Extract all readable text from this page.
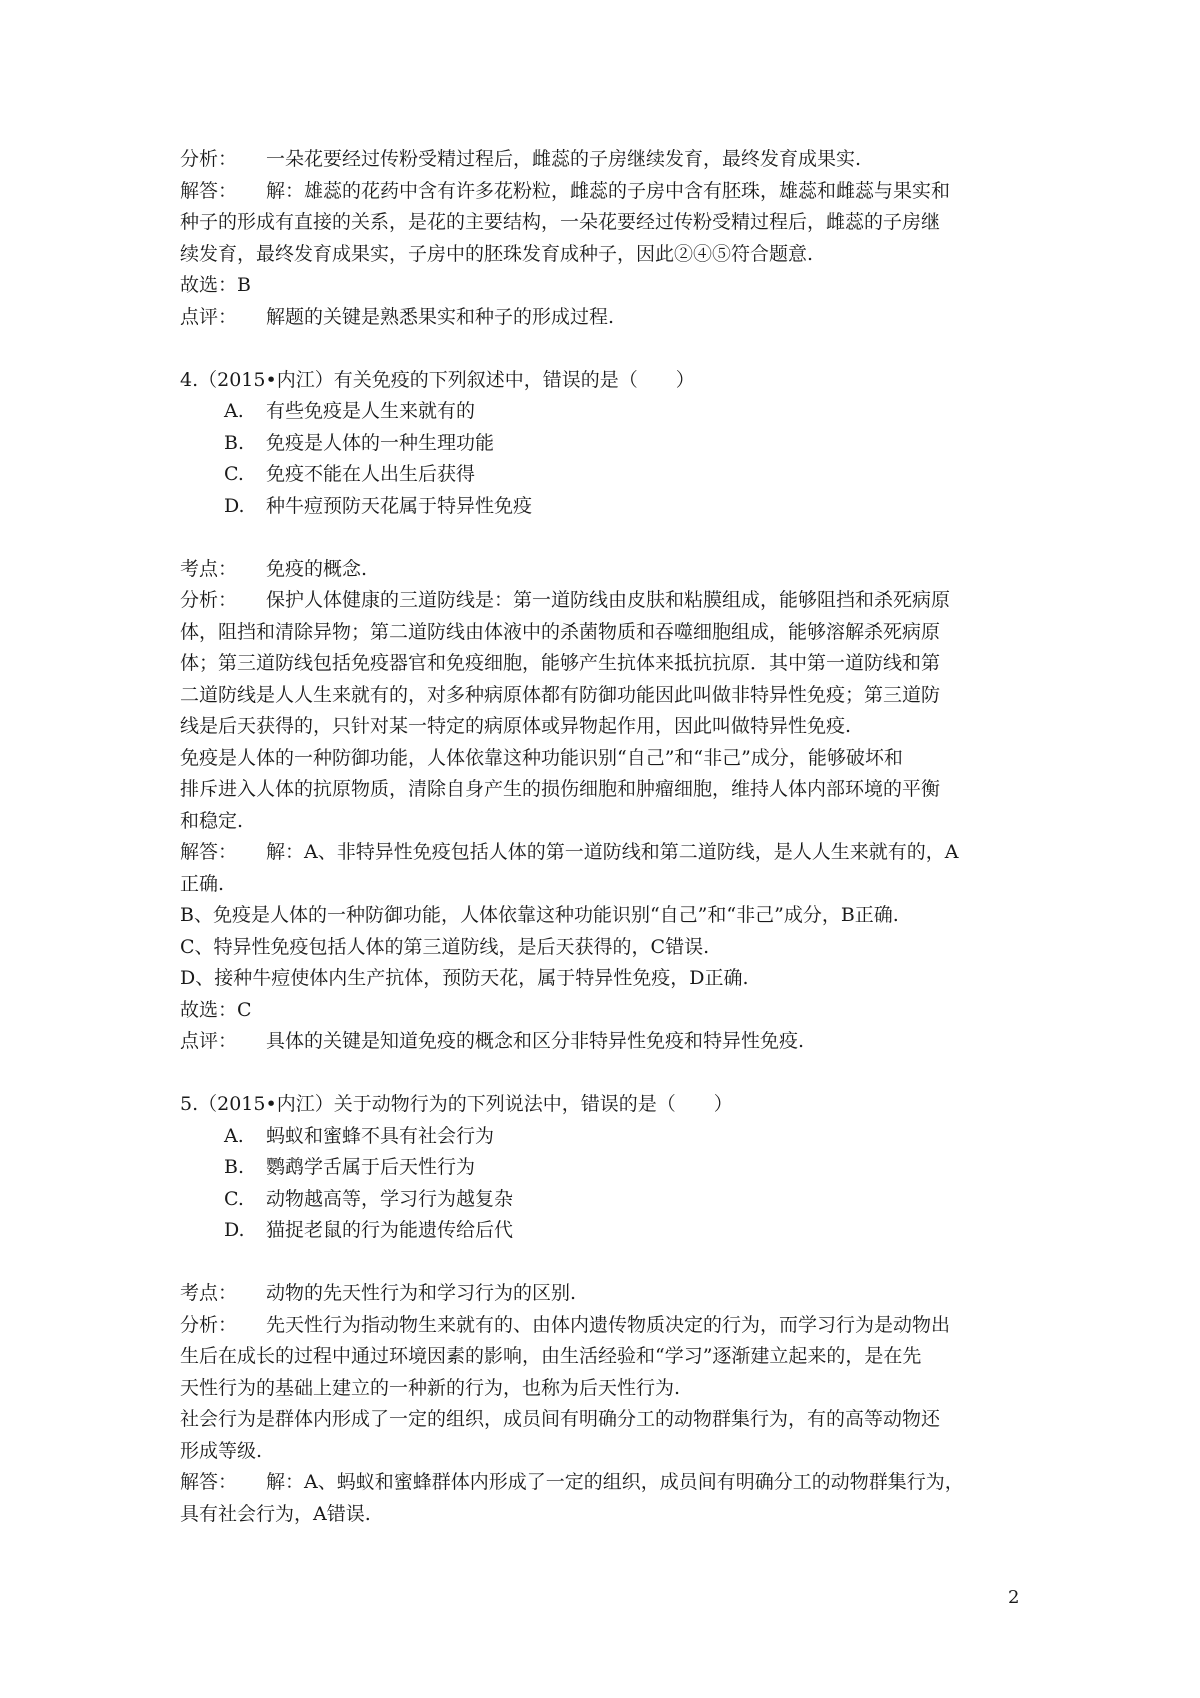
分析： 一朵花要经过传粉受精过程后，雌蕊的子房继续发育，最终发育成果实.
解答： 解：雄蕊的花药中含有许多花粉粒，雌蕊的子房中含有胚珠，雄蕊和雌蕊与果实和
种子的形成有直接的关系，是花的主要结构，一朵花要经过传粉受精过程后，雌蕊的子房继
续发育，最终发育成果实，子房中的胚珠发育成种子，因此②④⑤符合题意.
故选：B
点评： 解题的关键是熟悉果实和种子的形成过程.
4.（2015•内江）有关免疫的下列叙述中，错误的是（　　）
A. 有些免疫是人生来就有的
B. 免疫是人体的一种生理功能
C. 免疫不能在人出生后获得
D. 种牛痘预防天花属于特异性免疫
考点： 免疫的概念.
分析： 保护人体健康的三道防线是：第一道防线由皮肤和粘膜组成，能够阻挡和杀死病原
体，阻挡和清除异物；第二道防线由体液中的杀菌物质和吞噬细胞组成，能够溶解杀死病原
体；第三道防线包括免疫器官和免疫细胞，能够产生抗体来抵抗抗原．其中第一道防线和第
二道防线是人人生来就有的，对多种病原体都有防御功能因此叫做非特异性免疫；第三道防
线是后天获得的，只针对某一特定的病原体或异物起作用，因此叫做特异性免疫.
免疫是人体的一种防御功能，人体依靠这种功能识别“自己”和“非己”成分，能够破坏和
排斥进入人体的抗原物质，清除自身产生的损伤细胞和肿瘤细胞，维持人体内部环境的平衡
和稳定.
解答： 解：A、非特异性免疫包括人体的第一道防线和第二道防线，是人人生来就有的，A
正确.
B、免疫是人体的一种防御功能，人体依靠这种功能识别“自己”和“非己”成分，B正确.
C、特异性免疫包括人体的第三道防线，是后天获得的，C错误.
D、接种牛痘使体内生产抗体，预防天花，属于特异性免疫，D正确.
故选：C
点评： 具体的关键是知道免疫的概念和区分非特异性免疫和特异性免疫.
5.（2015•内江）关于动物行为的下列说法中，错误的是（　　）
A. 蚂蚁和蜜蜂不具有社会行为
B. 鹦鹉学舌属于后天性行为
C. 动物越高等，学习行为越复杂
D. 猫捉老鼠的行为能遗传给后代
考点： 动物的先天性行为和学习行为的区别.
分析： 先天性行为指动物生来就有的、由体内遗传物质决定的行为，而学习行为是动物出
生后在成长的过程中通过环境因素的影响，由生活经验和“学习”逐渐建立起来的，是在先
天性行为的基础上建立的一种新的行为，也称为后天性行为.
社会行为是群体内形成了一定的组织，成员间有明确分工的动物群集行为，有的高等动物还
形成等级.
解答： 解：A、蚂蚁和蜜蜂群体内形成了一定的组织，成员间有明确分工的动物群集行为，
具有社会行为，A错误.
2
